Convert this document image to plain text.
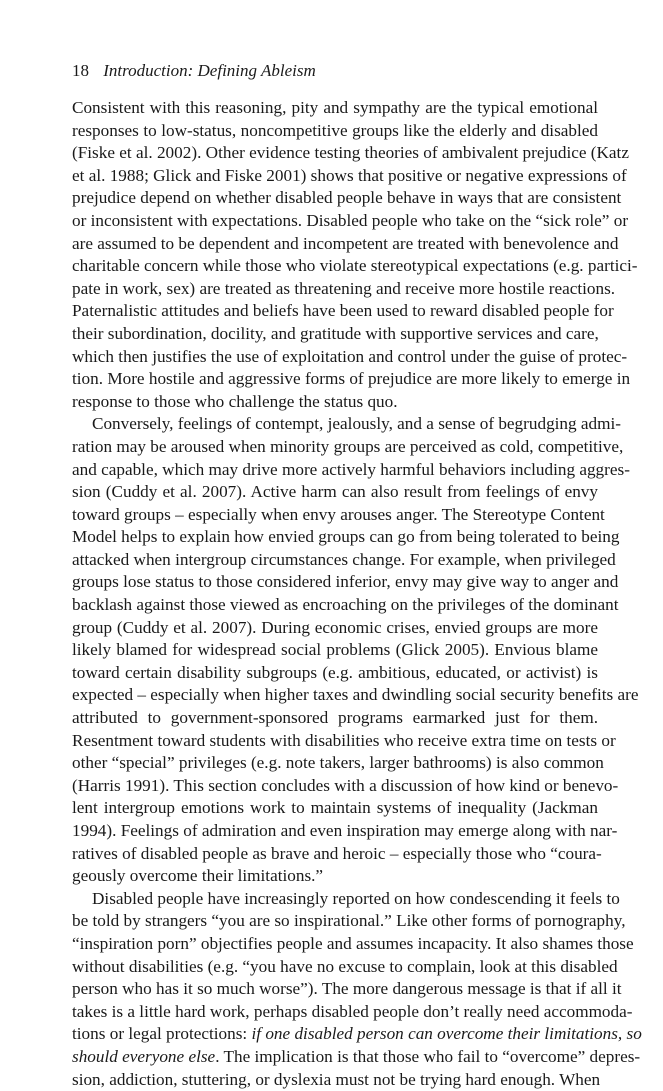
18 Introduction: Defining Ableism
Consistent with this reasoning, pity and sympathy are the typical emotional
responses to low-status, noncompetitive groups like the elderly and disabled
(Fiske et al. 2002). Other evidence testing theories of ambivalent prejudice (Katz
et al. 1988; Glick and Fiske 2001) shows that positive or negative expressions of
prejudice depend on whether disabled people behave in ways that are consistent
or inconsistent with expectations. Disabled people who take on the “sick role” or
are assumed to be dependent and incompetent are treated with benevolence and
charitable concern while those who violate stereotypical expectations (e.g. partici-
pate in work, sex) are treated as threatening and receive more hostile reactions.
Paternalistic attitudes and beliefs have been used to reward disabled people for
their subordination, docility, and gratitude with supportive services and care,
which then justifies the use of exploitation and control under the guise of protec-
tion. More hostile and aggressive forms of prejudice are more likely to emerge in
response to those who challenge the status quo.
Conversely, feelings of contempt, jealously, and a sense of begrudging admi-
ration may be aroused when minority groups are perceived as cold, competitive,
and capable, which may drive more actively harmful behaviors including aggres-
sion (Cuddy et al. 2007). Active harm can also result from feelings of envy
toward groups – especially when envy arouses anger. The Stereotype Content
Model helps to explain how envied groups can go from being tolerated to being
attacked when intergroup circumstances change. For example, when privileged
groups lose status to those considered inferior, envy may give way to anger and
backlash against those viewed as encroaching on the privileges of the dominant
group (Cuddy et al. 2007). During economic crises, envied groups are more
likely blamed for widespread social problems (Glick 2005). Envious blame
toward certain disability subgroups (e.g. ambitious, educated, or activist) is
expected – especially when higher taxes and dwindling social security benefits are
attributed to government-sponsored programs earmarked just for them.
Resentment toward students with disabilities who receive extra time on tests or
other “special” privileges (e.g. note takers, larger bathrooms) is also common
(Harris 1991). This section concludes with a discussion of how kind or benevo-
lent intergroup emotions work to maintain systems of inequality (Jackman
1994). Feelings of admiration and even inspiration may emerge along with nar-
ratives of disabled people as brave and heroic – especially those who “coura-
geously overcome their limitations.”
Disabled people have increasingly reported on how condescending it feels to
be told by strangers “you are so inspirational.” Like other forms of pornography,
“inspiration porn” objectifies people and assumes incapacity. It also shames those
without disabilities (e.g. “you have no excuse to complain, look at this disabled
person who has it so much worse”). The more dangerous message is that if all it
takes is a little hard work, perhaps disabled people don’t really need accommoda-
tions or legal protections: if one disabled person can overcome their limitations, so
should everyone else. The implication is that those who fail to “overcome” depres-
sion, addiction, stuttering, or dyslexia must not be trying hard enough. When
